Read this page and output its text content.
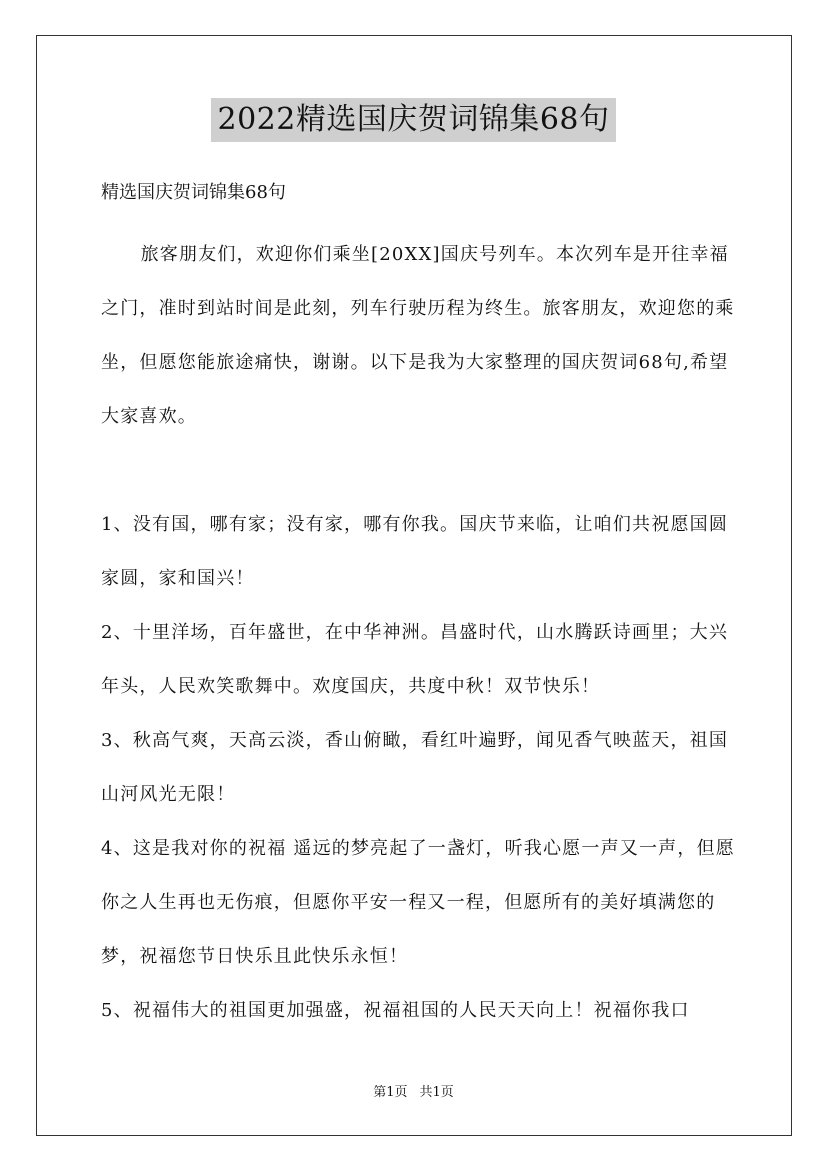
2022精选国庆贺词锦集68句
精选国庆贺词锦集68句

旅客朋友们，欢迎你们乘坐[20XX]国庆号列车。本次列车是开往幸福之门，准时到站时间是此刻，列车行驶历程为终生。旅客朋友，欢迎您的乘坐，但愿您能旅途痛快，谢谢。以下是我为大家整理的国庆贺词68句,希望大家喜欢。

1、没有国，哪有家；没有家，哪有你我。国庆节来临，让咱们共祝愿国圆家圆，家和国兴！

2、十里洋场，百年盛世，在中华神洲。昌盛时代，山水腾跃诗画里；大兴年头，人民欢笑歌舞中。欢度国庆，共度中秋！双节快乐！

3、秋高气爽，天高云淡，香山俯瞰，看红叶遍野，闻见香气映蓝天，祖国山河风光无限！

4、这是我对你的祝福 遥远的梦亮起了一盏灯，听我心愿一声又一声，但愿你之人生再也无伤痕，但愿你平安一程又一程，但愿所有的美好填满您的梦，祝福您节日快乐且此快乐永恒！

5、祝福伟大的祖国更加强盛，祝福祖国的人民天天向上！祝福你我口

第1页 共1页
